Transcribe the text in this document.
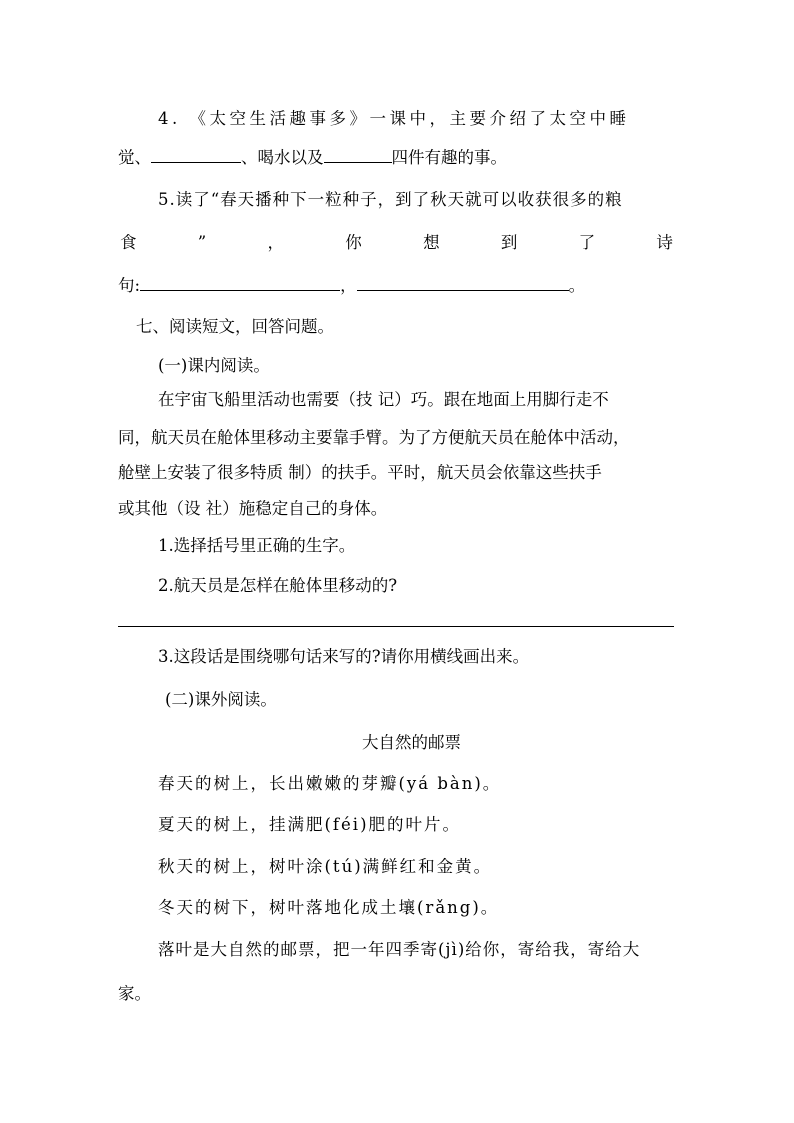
4. 《太空生活趣事多》一课中，主要介绍了太空中睡
觉、	、喝水以及	四件有趣的事。
5.读了“春天播种下一粒种子，到了秋天就可以收获很多的粮
食	”	，	你	想	到	了	诗
句:	，	。
七、阅读短文，回答问题。
(一)课内阅读。
在宇宙飞船里活动也需要（技 记）巧。跟在地面上用脚行走不
同，航天员在舱体里移动主要靠手臂。为了方便航天员在舱体中活动，
舱壁上安装了很多特质 制）的扶手。平时，航天员会依靠这些扶手
或其他（设 社）施稳定自己的身体。
1.选择括号里正确的生字。
2.航天员是怎样在舱体里移动的?
3.这段话是围绕哪句话来写的?请你用横线画出来。
(二)课外阅读。
大自然的邮票
春天的树上，长出嫩嫩的芽瓣(yá bàn)。
夏天的树上，挂满肥(féi)肥的叶片。
秋天的树上，树叶涂(tú)满鲜红和金黄。
冬天的树下，树叶落地化成土壤(rǎng)。
落叶是大自然的邮票，把一年四季寄(jì)给你，寄给我，寄给大
家。
